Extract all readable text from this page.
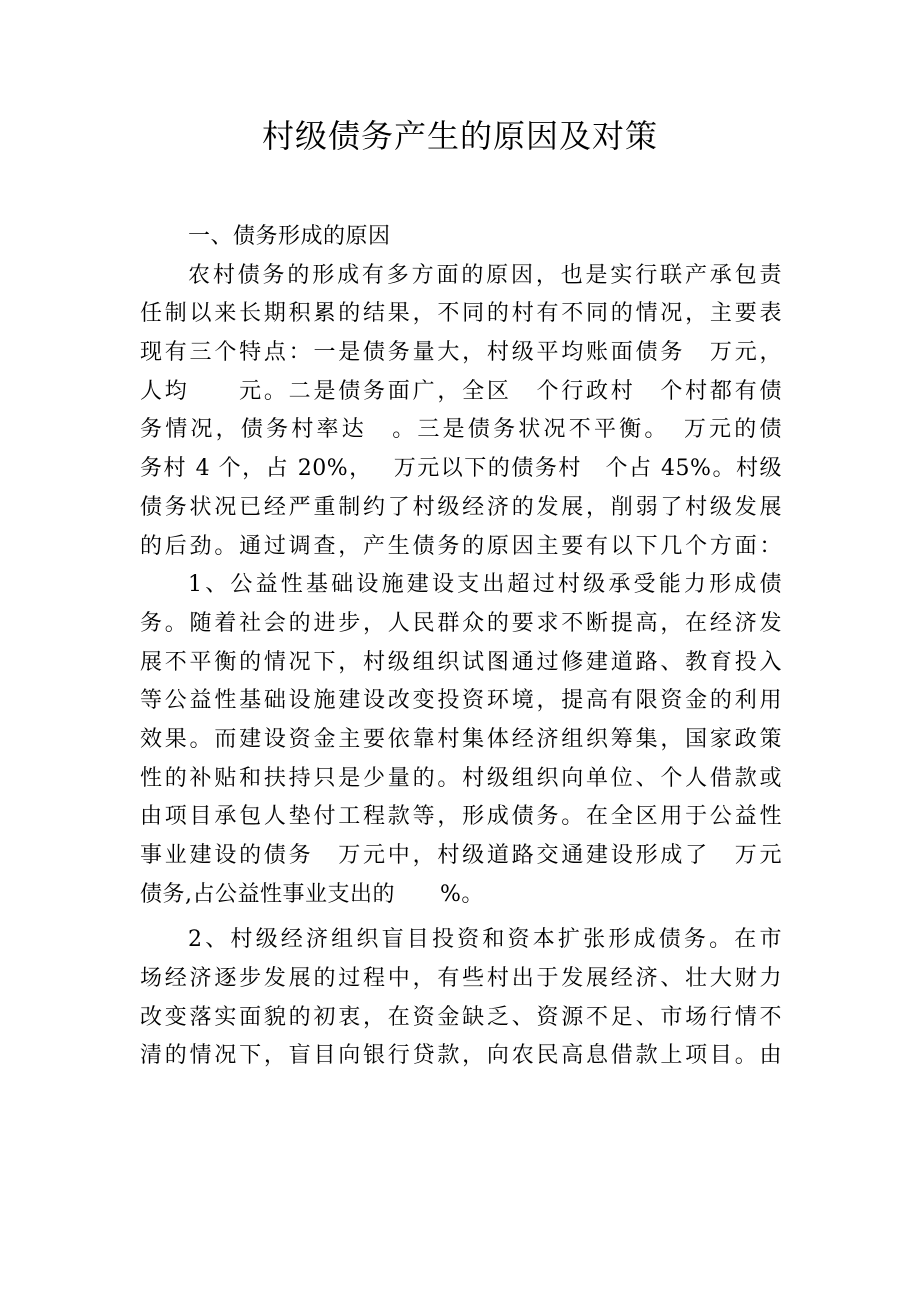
村级债务产生的原因及对策
一、债务形成的原因
农村债务的形成有多方面的原因，也是实行联产承包责
任制以来长期积累的结果，不同的村有不同的情况，主要表
现有三个特点：一是债务量大，村级平均账面债务　万元，
人均　　元。二是债务面广，全区　个行政村　个村都有债
务情况，债务村率达　。三是债务状况不平衡。　万元的债
务村 4 个，占 20%，　 万元以下的债务村　个占 45%。村级
债务状况已经严重制约了村级经济的发展，削弱了村级发展
的后劲。通过调查，产生债务的原因主要有以下几个方面：
1、公益性基础设施建设支出超过村级承受能力形成债
务。随着社会的进步，人民群众的要求不断提高，在经济发
展不平衡的情况下，村级组织试图通过修建道路、教育投入
等公益性基础设施建设改变投资环境，提高有限资金的利用
效果。而建设资金主要依靠村集体经济组织筹集，国家政策
性的补贴和扶持只是少量的。村级组织向单位、个人借款或
由项目承包人垫付工程款等，形成债务。在全区用于公益性
事业建设的债务　万元中，村级道路交通建设形成了　万元
债务,占公益性事业支出的　　%。
2、村级经济组织盲目投资和资本扩张形成债务。在市
场经济逐步发展的过程中，有些村出于发展经济、壮大财力
改变落实面貌的初衷，在资金缺乏、资源不足、市场行情不
清的情况下，盲目向银行贷款，向农民高息借款上项目。由
